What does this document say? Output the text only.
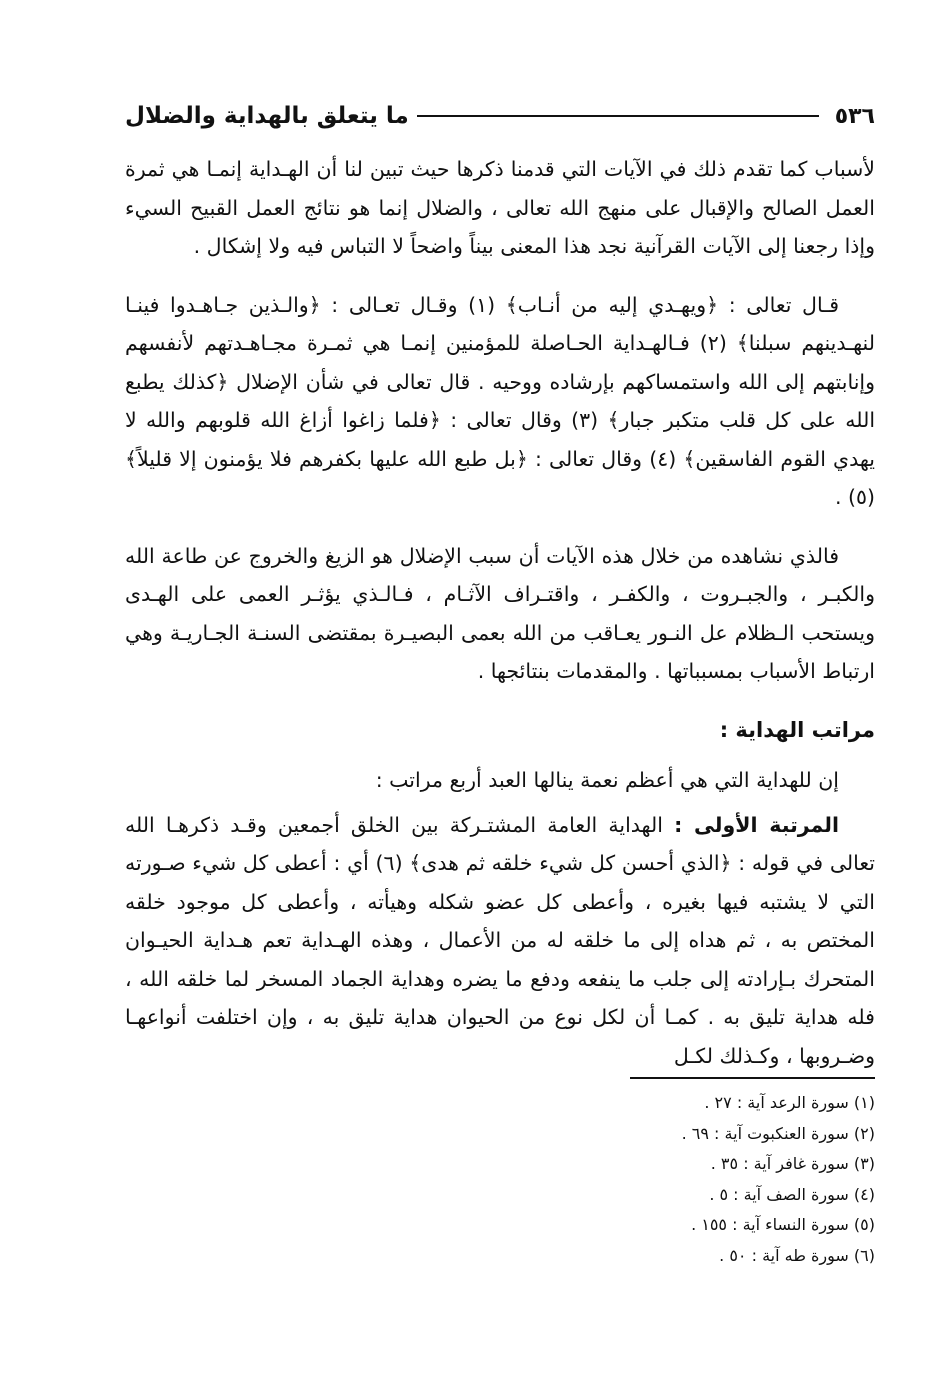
٥٣٦
ما يتعلق بالهداية والضلال

لأسباب كما تقدم ذلك في الآيات التي قدمنا ذكرها حيث تبين لنا أن الهـداية إنمـا هي ثمرة العمل الصالح والإقبال على منهج الله تعالى ، والضلال إنما هو نتائج العمل القبيح السيء وإذا رجعنا إلى الآيات القرآنية نجد هذا المعنى بيناً واضحاً لا التباس فيه ولا إشكال .

قـال تعالى : ﴿ويهـدي إليه من أنـاب﴾ (١) وقـال تعـالى : ﴿والـذين جـاهـدوا فينـا لنهـدينهم سبلنا﴾ (٢) فـالهـداية الحـاصلة للمؤمنين إنمـا هي ثمـرة مجـاهـدتهم لأنفسهم وإنابتهم إلى الله واستمساكهم بإرشاده ووحيه . قال تعالى في شأن الإضلال ﴿كذلك يطبع الله على كل قلب متكبر جبار﴾ (٣) وقال تعالى : ﴿فلما زاغوا أزاغ الله قلوبهم والله لا يهدي القوم الفاسقين﴾ (٤) وقال تعالى : ﴿بل طبع الله عليها بكفرهم فلا يؤمنون إلا قليلاً﴾ (٥) .

فالذي نشاهده من خلال هذه الآيات أن سبب الإضلال هو الزيغ والخروج عن طاعة الله والكبـر ، والجبـروت ، والكفـر ، واقتـراف الآثـام ، فـالـذي يؤثـر العمى على الهـدى ويستحب الـظلام عل النـور يعـاقب من الله بعمى البصيـرة بمقتضى السنـة الجـاريـة وهي ارتباط الأسباب بمسبباتها . والمقدمات بنتائجها .

مراتب الهداية :

إن للهداية التي هي أعظم نعمة ينالها العبد أربع مراتب :

المرتبة الأولى : الهداية العامة المشتـركة بين الخلق أجمعين وقـد ذكرهـا الله تعالى في قوله : ﴿الذي أحسن كل شيء خلقه ثم هدى﴾ (٦) أي : أعطى كل شيء صـورته التي لا يشتبه فيها بغيره ، وأعطى كل عضو شكله وهيأته ، وأعطى كل موجود خلقه المختص به ، ثم هداه إلى ما خلقه له من الأعمال ، وهذه الهـداية تعم هـداية الحيـوان المتحرك بـإرادته إلى جلب ما ينفعه ودفع ما يضره وهداية الجماد المسخر لما خلقه الله ، فله هداية تليق به . كمـا أن لكل نوع من الحيوان هداية تليق به ، وإن اختلفت أنواعهـا وضـروبها ، وكـذلك لكـل

(١) سورة الرعد آية : ٢٧ .
(٢) سورة العنكبوت آية : ٦٩ .
(٣) سورة غافر آية : ٣٥ .
(٤) سورة الصف آية : ٥ .
(٥) سورة النساء آية : ١٥٥ .
(٦) سورة طه آية : ٥٠ .
